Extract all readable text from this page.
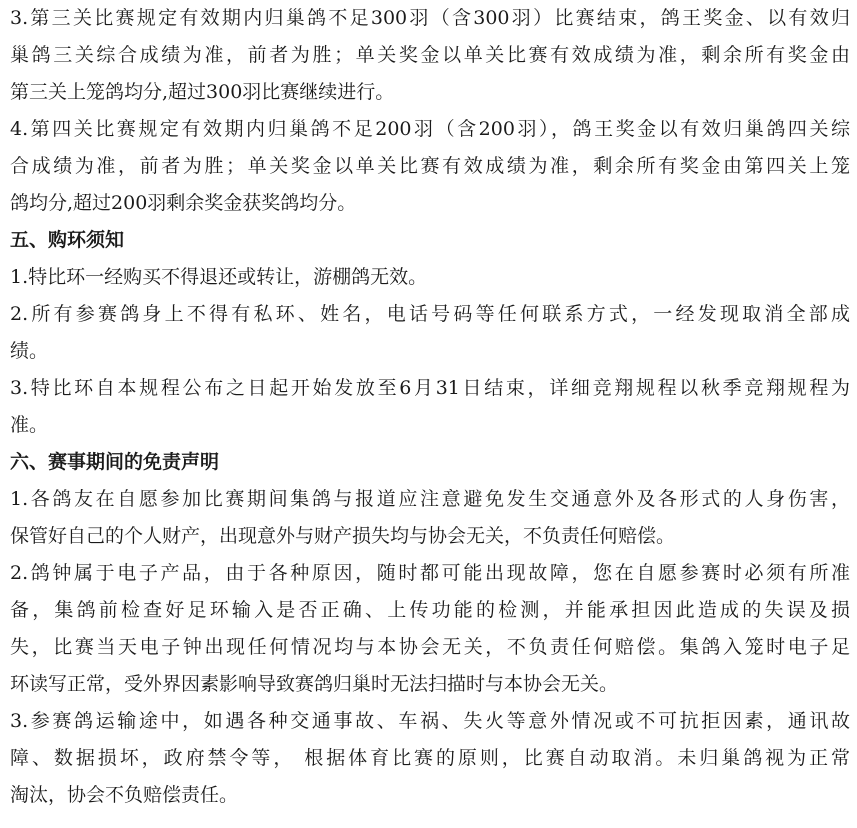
3.第三关比赛规定有效期内归巢鸽不足300羽（含300羽）比赛结束，鸽王奖金、以有效归
巢鸽三关综合成绩为准，前者为胜；单关奖金以单关比赛有效成绩为准，剩余所有奖金由
第三关上笼鸽均分,超过300羽比赛继续进行。
4.第四关比赛规定有效期内归巢鸽不足200羽（含200羽），鸽王奖金以有效归巢鸽四关综
合成绩为准，前者为胜；单关奖金以单关比赛有效成绩为准，剩余所有奖金由第四关上笼
鸽均分,超过200羽剩余奖金获奖鸽均分。
五、购环须知
1.特比环一经购买不得退还或转让，游棚鸽无效。
2.所有参赛鸽身上不得有私环、姓名，电话号码等任何联系方式，一经发现取消全部成
绩。
3.特比环自本规程公布之日起开始发放至6月31日结束，详细竞翔规程以秋季竞翔规程为
准。
六、赛事期间的免责声明
1.各鸽友在自愿参加比赛期间集鸽与报道应注意避免发生交通意外及各形式的人身伤害，
保管好自己的个人财产，出现意外与财产损失均与协会无关，不负责任何赔偿。
2.鸽钟属于电子产品，由于各种原因，随时都可能出现故障，您在自愿参赛时必须有所准
备，集鸽前检查好足环输入是否正确、上传功能的检测，并能承担因此造成的失误及损
失，比赛当天电子钟出现任何情况均与本协会无关，不负责任何赔偿。集鸽入笼时电子足
环读写正常，受外界因素影响导致赛鸽归巢时无法扫描时与本协会无关。
3.参赛鸽运输途中，如遇各种交通事故、车祸、失火等意外情况或不可抗拒因素，通讯故
障、数据损坏，政府禁令等， 根据体育比赛的原则，比赛自动取消。未归巢鸽视为正常
淘汰，协会不负赔偿责任。
